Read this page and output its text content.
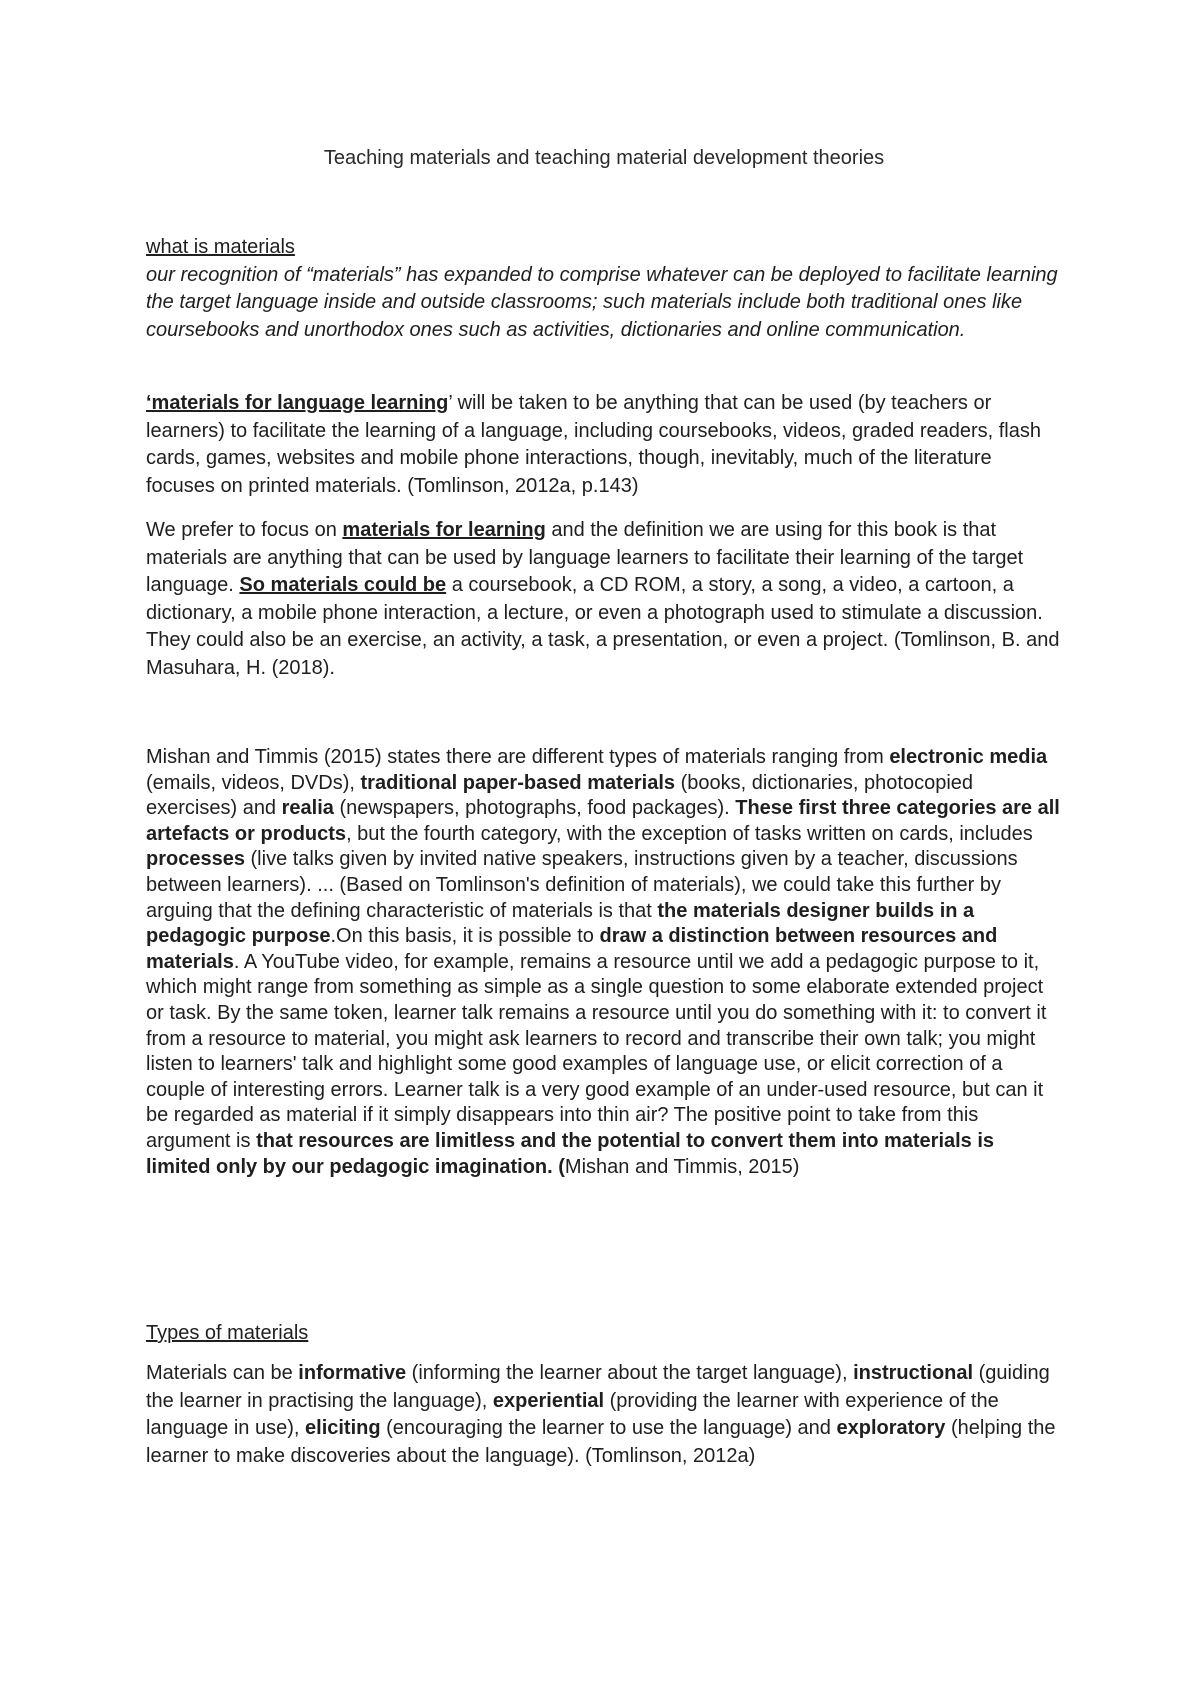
Teaching materials and teaching material development theories

what is materials

our recognition of “materials” has expanded to comprise whatever can be deployed to facilitate learning the target language inside and outside classrooms; such materials include both traditional ones like coursebooks and unorthodox ones such as activities, dictionaries and online communication.

‘materials for language learning’ will be taken to be anything that can be used (by teachers or learners) to facilitate the learning of a language, including coursebooks, videos, graded readers, flash cards, games, websites and mobile phone interactions, though, inevitably, much of the literature focuses on printed materials. (Tomlinson, 2012a, p.143)

We prefer to focus on materials for learning and the definition we are using for this book is that materials are anything that can be used by language learners to facilitate their learning of the target language. So materials could be a coursebook, a CD ROM, a story, a song, a video, a cartoon, a dictionary, a mobile phone interaction, a lecture, or even a photograph used to stimulate a discussion. They could also be an exercise, an activity, a task, a presentation, or even a project. (Tomlinson, B. and Masuhara, H. (2018).

Mishan and Timmis (2015) states there are different types of materials ranging from electronic media (emails, videos, DVDs), traditional paper-based materials (books, dictionaries, photocopied exercises) and realia (newspapers, photographs, food packages). These first three categories are all artefacts or products, but the fourth category, with the exception of tasks written on cards, includes processes (live talks given by invited native speakers, instructions given by a teacher, discussions between learners). ... (Based on Tomlinson's definition of materials), we could take this further by arguing that the defining characteristic of materials is that the materials designer builds in a pedagogic purpose.On this basis, it is possible to draw a distinction between resources and materials. A YouTube video, for example, remains a resource until we add a pedagogic purpose to it, which might range from something as simple as a single question to some elaborate extended project or task. By the same token, learner talk remains a resource until you do something with it: to convert it from a resource to material, you might ask learners to record and transcribe their own talk; you might listen to learners' talk and highlight some good examples of language use, or elicit correction of a couple of interesting errors. Learner talk is a very good example of an under-used resource, but can it be regarded as material if it simply disappears into thin air? The positive point to take from this argument is that resources are limitless and the potential to convert them into materials is limited only by our pedagogic imagination. (Mishan and Timmis, 2015)

Types of materials

Materials can be informative (informing the learner about the target language), instructional (guiding the learner in practising the language), experiential (providing the learner with experience of the language in use), eliciting (encouraging the learner to use the language) and exploratory (helping the learner to make discoveries about the language). (Tomlinson, 2012a)
